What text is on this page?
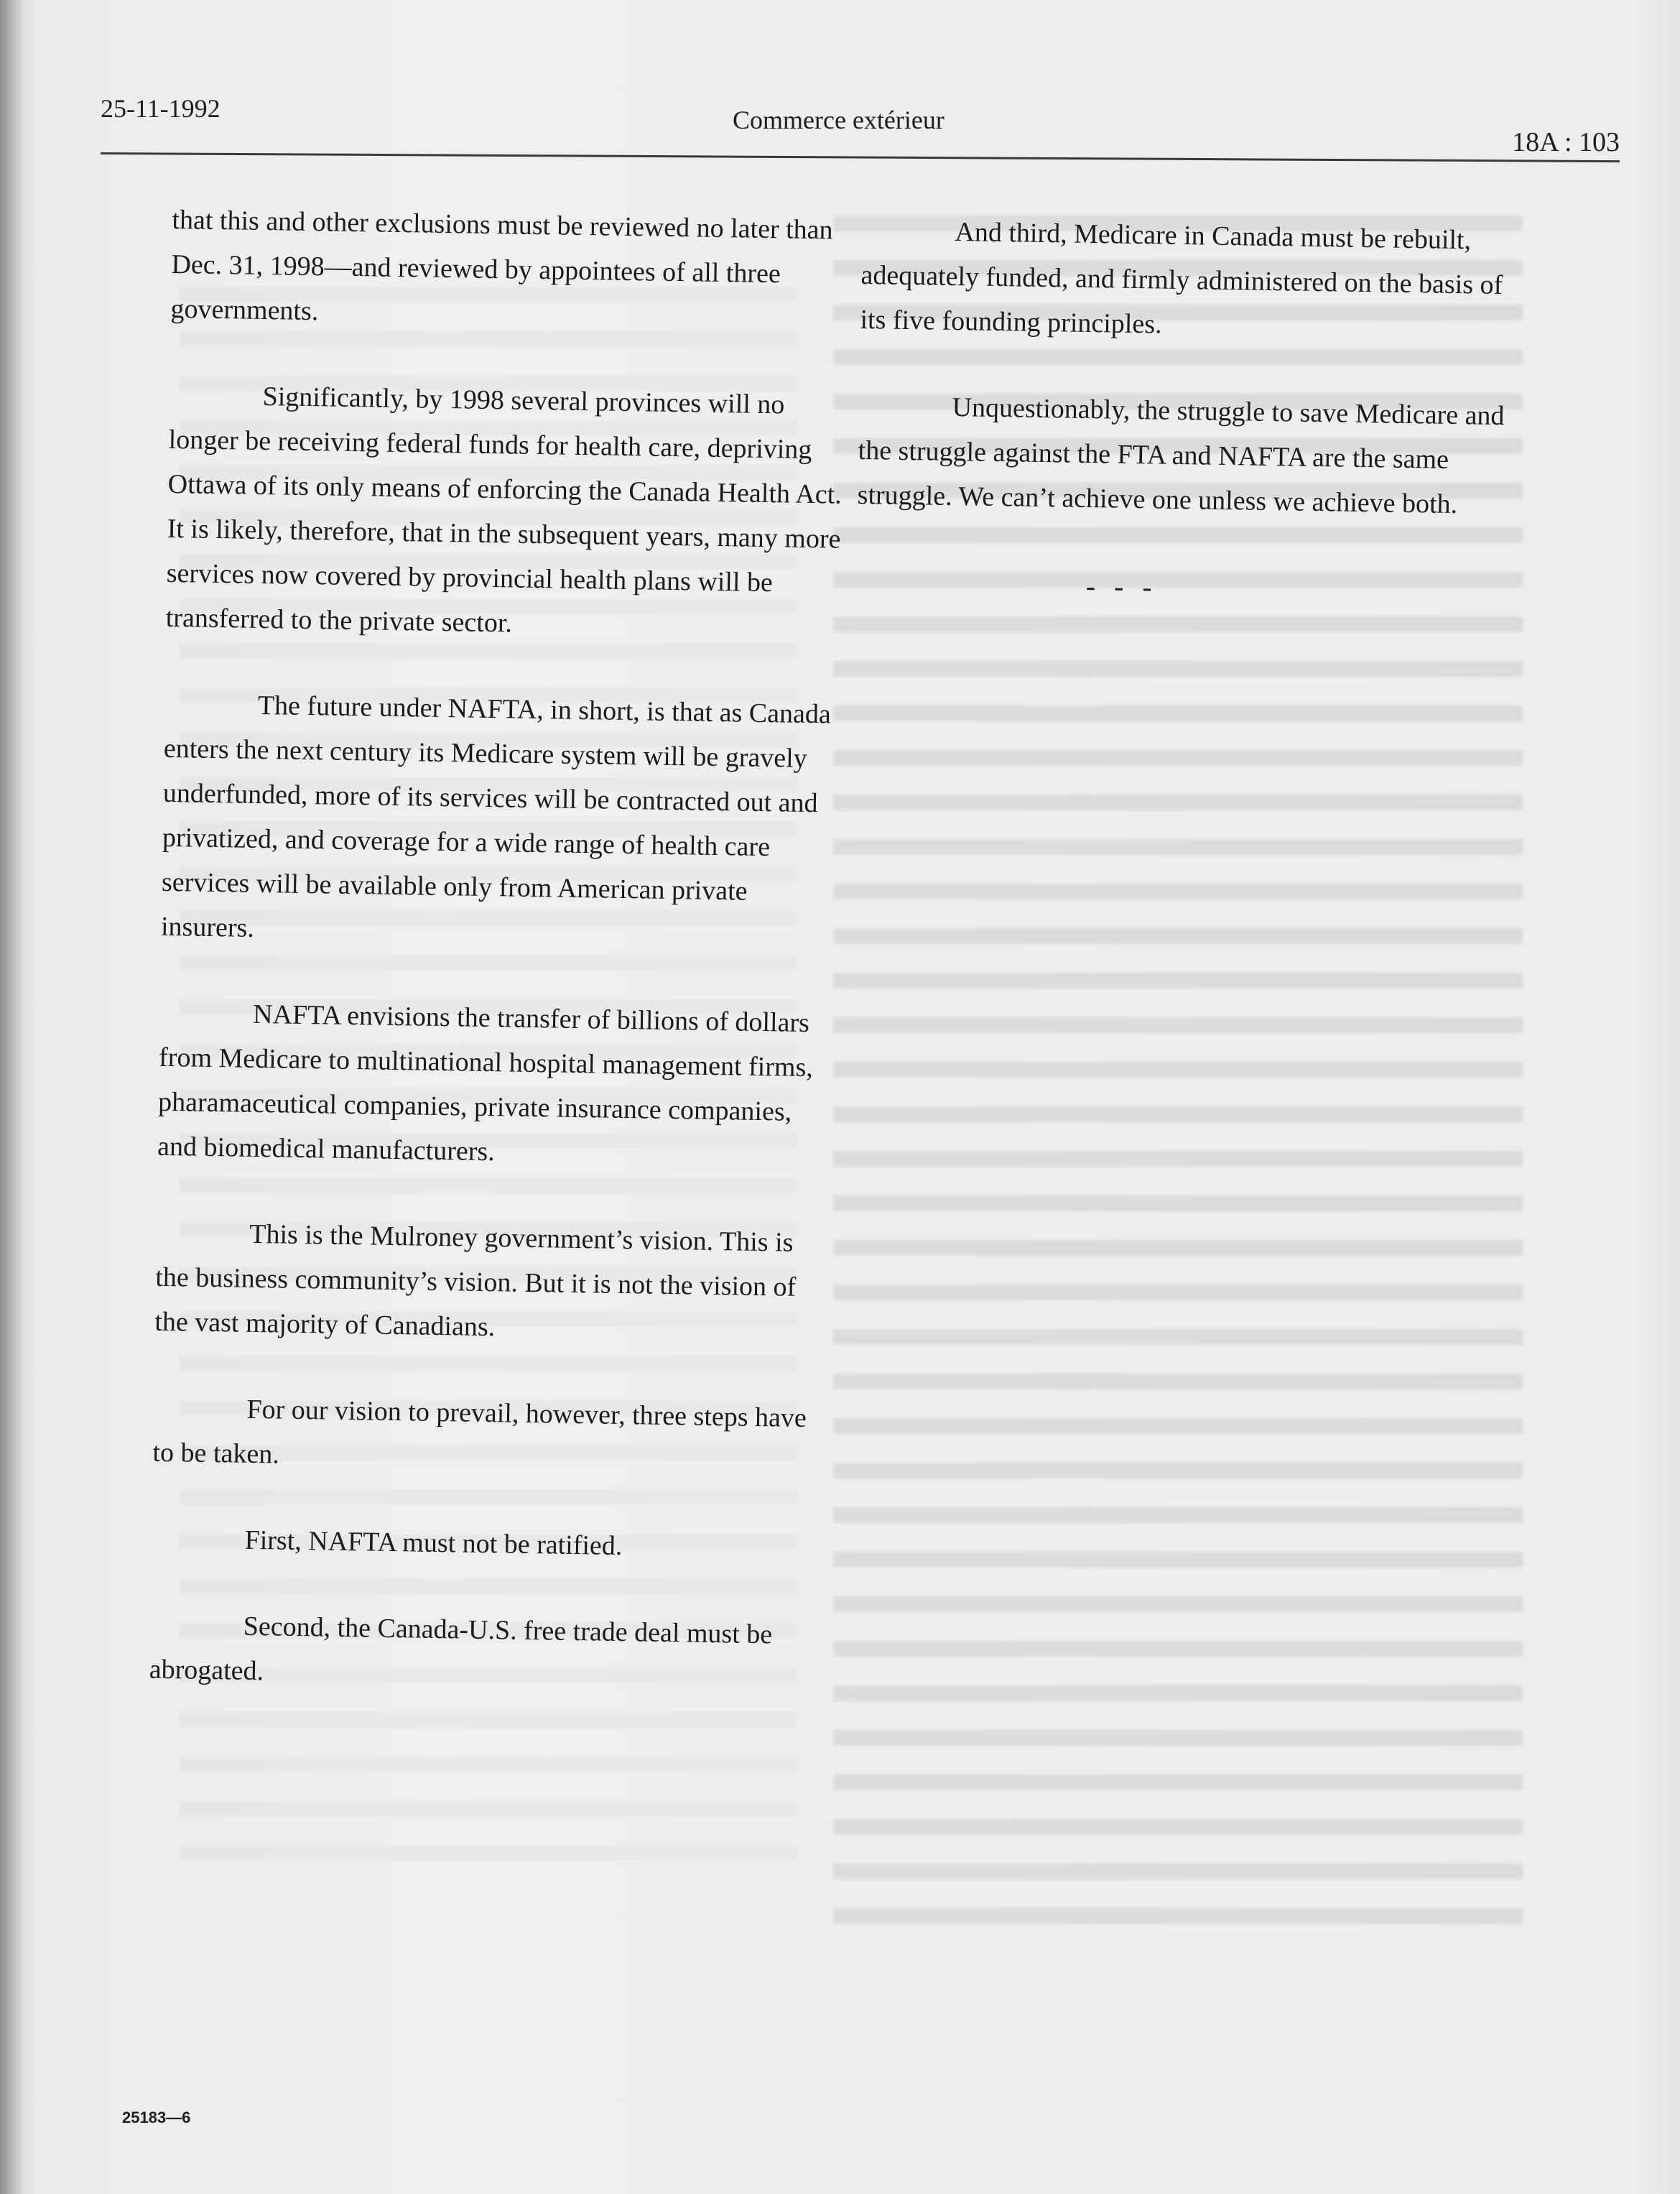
25-11-1992	Commerce extérieur
18A : 103

that this and other exclusions must be reviewed no later than Dec. 31, 1998—and reviewed by appointees of all three governments.

Significantly, by 1998 several provinces will no longer be receiving federal funds for health care, depriving Ottawa of its only means of enforcing the Canada Health Act. It is likely, therefore, that in the subsequent years, many more services now covered by provincial health plans will be transferred to the private sector.

The future under NAFTA, in short, is that as Canada enters the next century its Medicare system will be gravely underfunded, more of its services will be contracted out and privatized, and coverage for a wide range of health care services will be available only from American private insurers.

NAFTA envisions the transfer of billions of dollars from Medicare to multinational hospital management firms, pharamaceutical companies, private insurance companies, and biomedical manufacturers.

This is the Mulroney government’s vision. This is the business community’s vision. But it is not the vision of the vast majority of Canadians.

For our vision to prevail, however, three steps have to be taken.

First, NAFTA must not be ratified.

Second, the Canada-U.S. free trade deal must be abrogated.

And third, Medicare in Canada must be rebuilt, adequately funded, and firmly administered on the basis of its five founding principles.

Unquestionably, the struggle to save Medicare and the struggle against the FTA and NAFTA are the same struggle. We can’t achieve one unless we achieve both.

- - -
25183—6
